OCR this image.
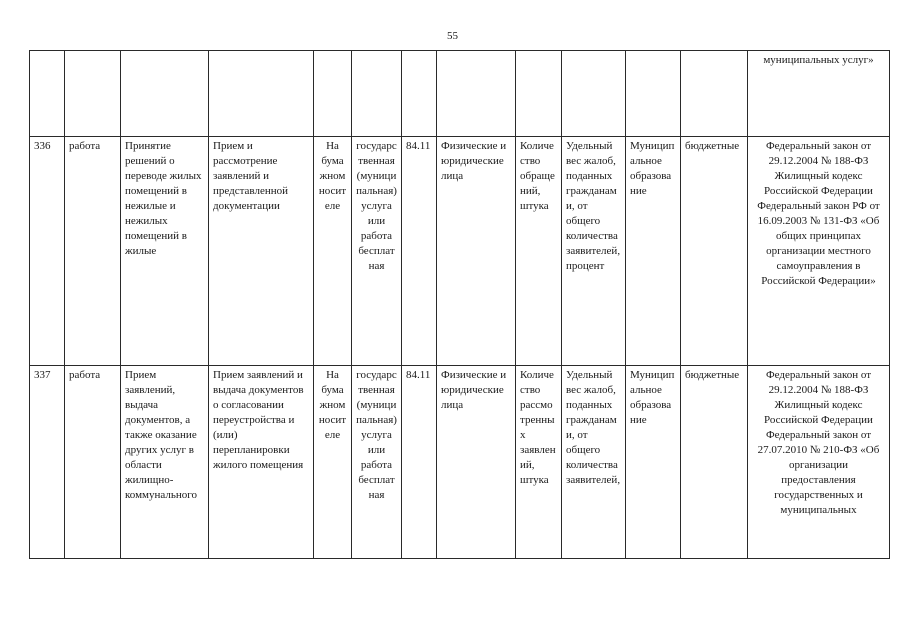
55
												муниципальных услуг»
336	работа	Принятие решений о переводе жилых помещений в нежилые и нежилых помещений в жилые	Прием и рассмотрение заявлений и представленной документации	На бумажном носителе	государственная (муниципальная) услуга или работа бесплатная	84.11	Физические и юридические лица	Количество обращений, штука	Удельный вес жалоб, поданных гражданами, от общего количества заявителей, процент	Муниципальное образование	бюджетные	Федеральный закон от 29.12.2004 № 188-ФЗ Жилищный кодекс Российской Федерации Федеральный закон РФ от 16.09.2003 № 131-ФЗ «Об общих принципах организации местного самоуправления в Российской Федерации»
337	работа	Прием заявлений, выдача документов, а также оказание других услуг в области жилищно-коммунального	Прием заявлений и выдача документов о согласовании переустройства и (или) перепланировки жилого помещения	На бумажном носителе	государственная (муниципальная) услуга или работа бесплатная	84.11	Физические и юридические лица	Количество рассмотренных заявлений, штука	Удельный вес жалоб, поданных гражданами, от общего количества заявителей,	Муниципальное образование	бюджетные	Федеральный закон от 29.12.2004 № 188-ФЗ Жилищный кодекс Российской Федерации Федеральный закон от 27.07.2010 № 210-ФЗ «Об организации предоставления государственных и муниципальных
